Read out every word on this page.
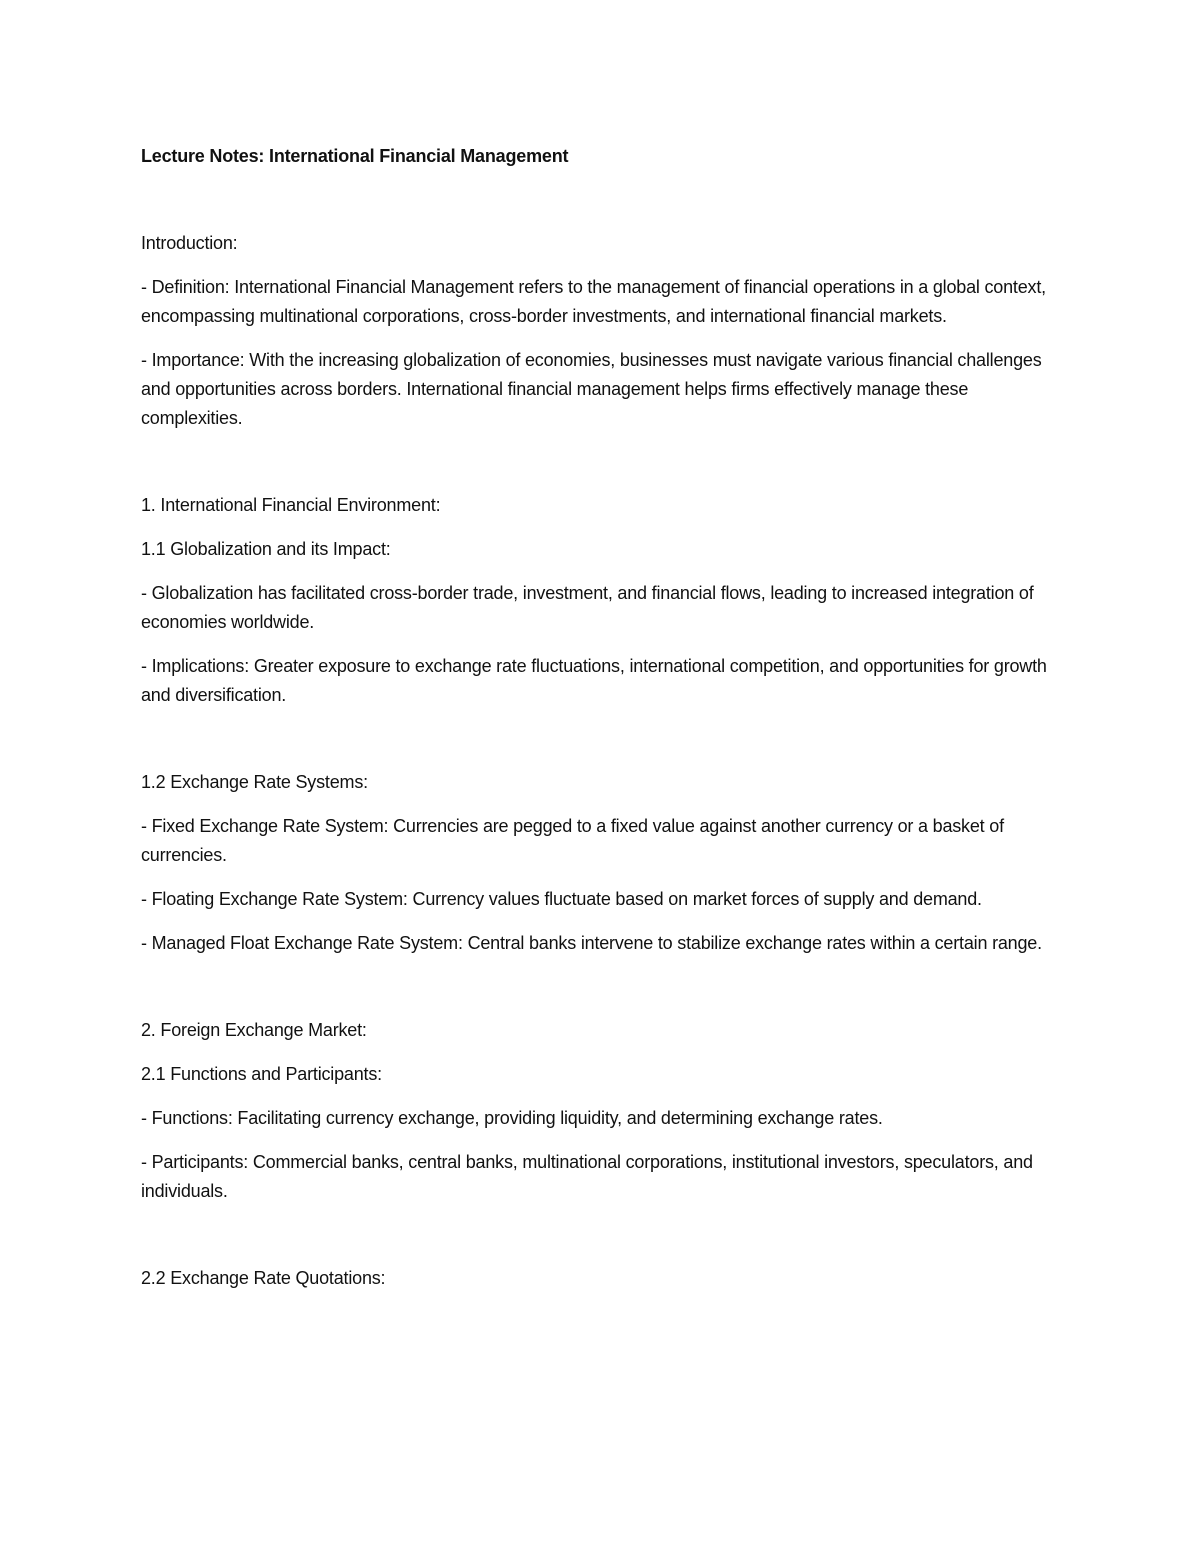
Lecture Notes: International Financial Management

Introduction:

- Definition: International Financial Management refers to the management of financial operations in a global context, encompassing multinational corporations, cross-border investments, and international financial markets.

- Importance: With the increasing globalization of economies, businesses must navigate various financial challenges and opportunities across borders. International financial management helps firms effectively manage these complexities.

1. International Financial Environment:

1.1 Globalization and its Impact:

- Globalization has facilitated cross-border trade, investment, and financial flows, leading to increased integration of economies worldwide.

- Implications: Greater exposure to exchange rate fluctuations, international competition, and opportunities for growth and diversification.

1.2 Exchange Rate Systems:

- Fixed Exchange Rate System: Currencies are pegged to a fixed value against another currency or a basket of currencies.

- Floating Exchange Rate System: Currency values fluctuate based on market forces of supply and demand.

- Managed Float Exchange Rate System: Central banks intervene to stabilize exchange rates within a certain range.

2. Foreign Exchange Market:

2.1 Functions and Participants:

- Functions: Facilitating currency exchange, providing liquidity, and determining exchange rates.

- Participants: Commercial banks, central banks, multinational corporations, institutional investors, speculators, and individuals.

2.2 Exchange Rate Quotations:
